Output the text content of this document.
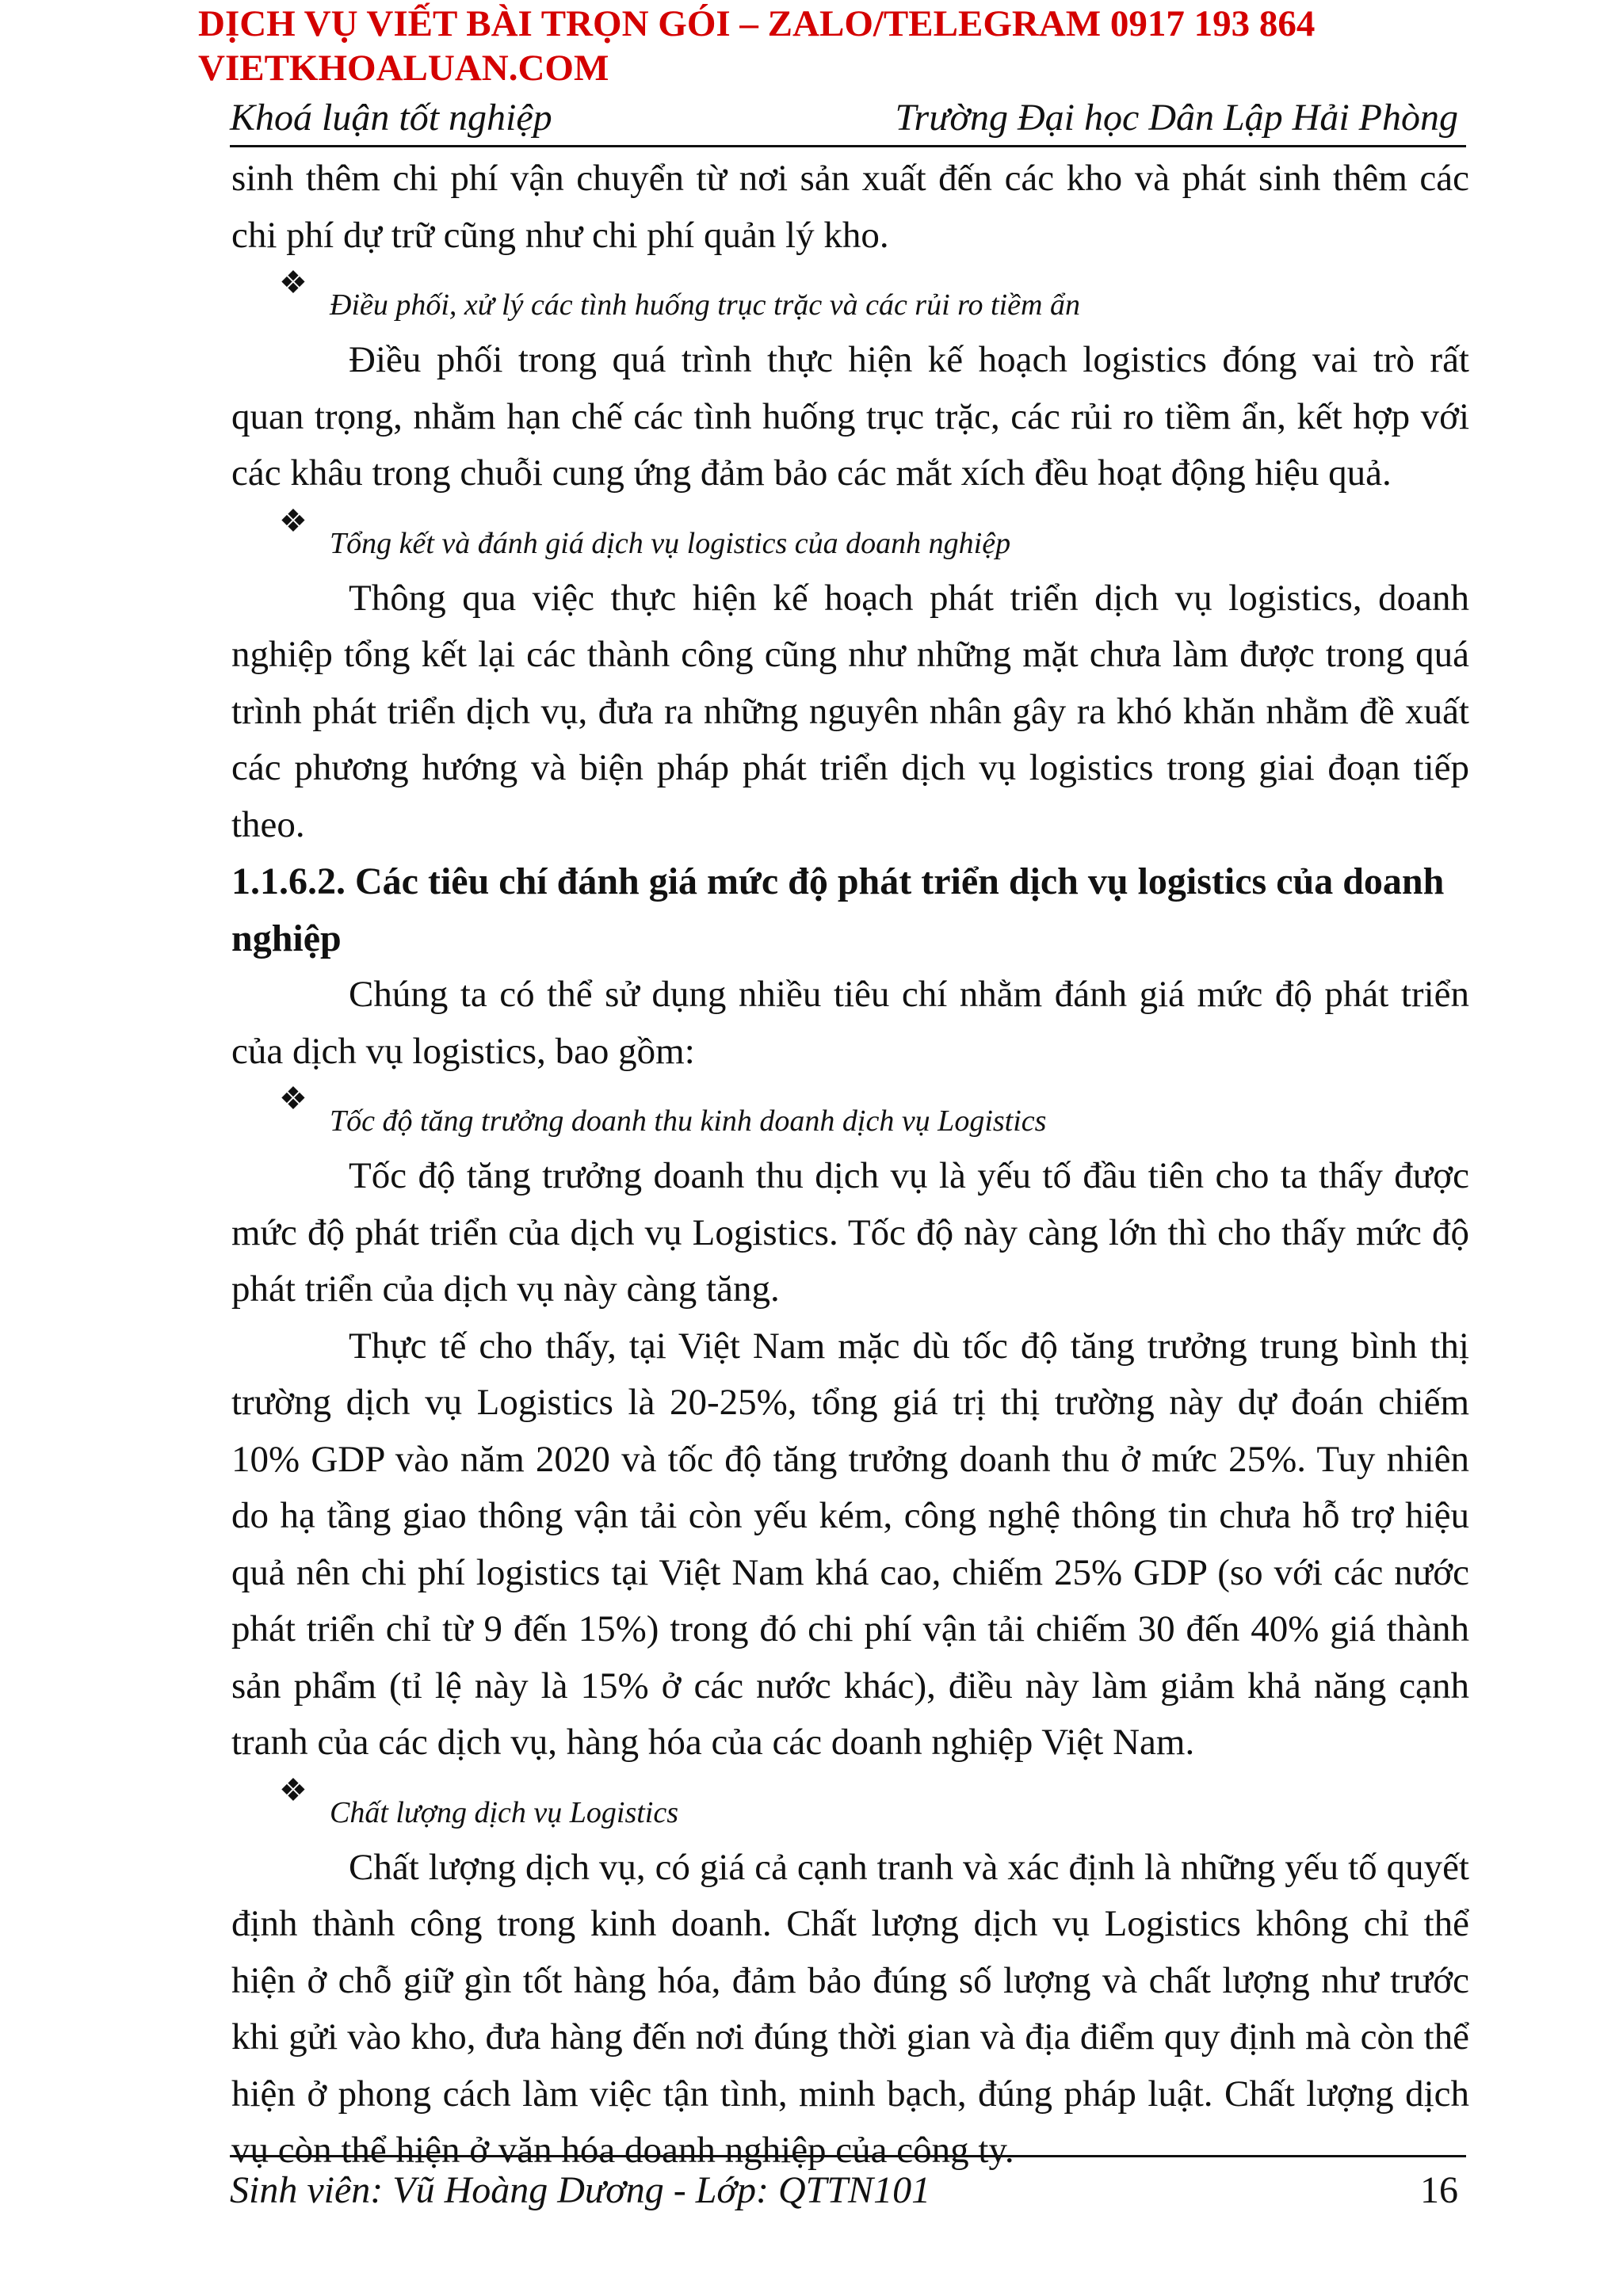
DỊCH VỤ VIẾT BÀI TRỌN GÓI – ZALO/TELEGRAM 0917 193 864
VIETKHOALUAN.COM
Khoá luận tốt nghiệp	Trường Đại học Dân Lập Hải Phòng

sinh thêm chi phí vận chuyển từ nơi sản xuất đến các kho và phát sinh thêm các chi phí dự trữ cũng như chi phí quản lý kho.

❖
Điều phối, xử lý các tình huống trục trặc và các rủi ro tiềm ẩn

Điều phối trong quá trình thực hiện kế hoạch logistics đóng vai trò rất quan trọng, nhằm hạn chế các tình huống trục trặc, các rủi ro tiềm ẩn, kết hợp với các khâu trong chuỗi cung ứng đảm bảo các mắt xích đều hoạt động hiệu quả.

❖
Tổng kết và đánh giá dịch vụ logistics của doanh nghiệp

Thông qua việc thực hiện kế hoạch phát triển dịch vụ logistics, doanh nghiệp tổng kết lại các thành công cũng như những mặt chưa làm được trong quá trình phát triển dịch vụ, đưa ra những nguyên nhân gây ra khó khăn nhằm đề xuất các phương hướng và biện pháp phát triển dịch vụ logistics trong giai đoạn tiếp theo.

1.1.6.2. Các tiêu chí đánh giá mức độ phát triển dịch vụ logistics của doanh nghiệp

Chúng ta có thể sử dụng nhiều tiêu chí nhằm đánh giá mức độ phát triển của dịch vụ logistics, bao gồm:

❖
Tốc độ tăng trưởng doanh thu kinh doanh dịch vụ Logistics

Tốc độ tăng trưởng doanh thu dịch vụ là yếu tố đầu tiên cho ta thấy được mức độ phát triển của dịch vụ Logistics. Tốc độ này càng lớn thì cho thấy mức độ phát triển của dịch vụ này càng tăng.

Thực tế cho thấy, tại Việt Nam mặc dù tốc độ tăng trưởng trung bình thị trường dịch vụ Logistics là 20-25%, tổng giá trị thị trường này dự đoán chiếm 10% GDP vào năm 2020 và tốc độ tăng trưởng doanh thu ở mức 25%. Tuy nhiên do hạ tầng giao thông vận tải còn yếu kém, công nghệ thông tin chưa hỗ trợ hiệu quả nên chi phí logistics tại Việt Nam khá cao, chiếm 25% GDP (so với các nước phát triển chỉ từ 9 đến 15%) trong đó chi phí vận tải chiếm 30 đến 40% giá thành sản phẩm (tỉ lệ này là 15% ở các nước khác), điều này làm giảm khả năng cạnh tranh của các dịch vụ, hàng hóa của các doanh nghiệp Việt Nam.

❖
Chất lượng dịch vụ Logistics

Chất lượng dịch vụ, có giá cả cạnh tranh và xác định là những yếu tố quyết định thành công trong kinh doanh. Chất lượng dịch vụ Logistics không chỉ thể hiện ở chỗ giữ gìn tốt hàng hóa, đảm bảo đúng số lượng và chất lượng như trước khi gửi vào kho, đưa hàng đến nơi đúng thời gian và địa điểm quy định mà còn thể hiện ở phong cách làm việc tận tình, minh bạch, đúng pháp luật. Chất lượng dịch vụ còn thể hiện ở văn hóa doanh nghiệp của công ty.

Sinh viên: Vũ Hoàng Dương - Lớp: QTTN101	16
